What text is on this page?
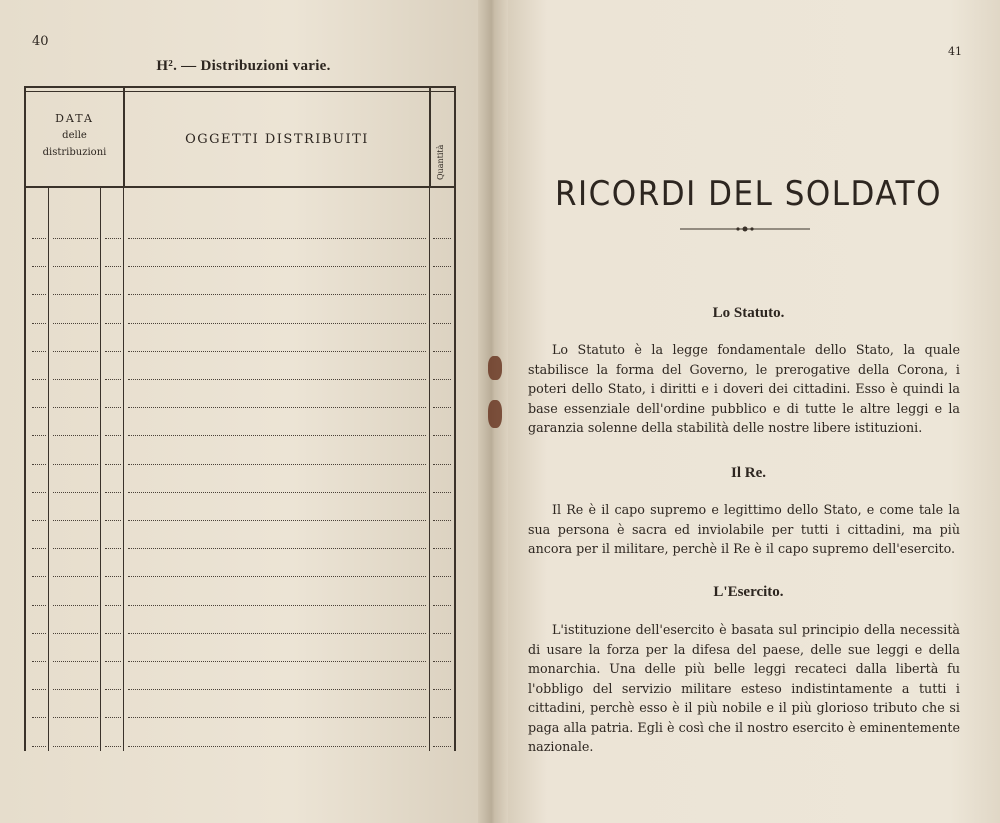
40
H². — Distribuzioni varie.
DATA
delle
distribuzioni
OGGETTI DISTRIBUITI
Quantità
41
RICORDI DEL SOLDATO
Lo Statuto.

Lo Statuto è la legge fondamentale dello Stato, la quale stabilisce la forma del Governo, le prerogative della Corona, i poteri dello Stato, i diritti e i doveri dei cittadini. Esso è quindi la base essenziale dell'ordine pubblico e di tutte le altre leggi e la garanzia solenne della stabilità delle nostre libere istituzioni.

Il Re.

Il Re è il capo supremo e legittimo dello Stato, e come tale la sua persona è sacra ed inviolabile per tutti i cittadini, ma più ancora per il militare, perchè il Re è il capo supremo dell'esercito.

L'Esercito.

L'istituzione dell'esercito è basata sul principio della necessità di usare la forza per la difesa del paese, delle sue leggi e della monarchia. Una delle più belle leggi recateci dalla libertà fu l'obbligo del servizio militare esteso indistintamente a tutti i cittadini, perchè esso è il più nobile e il più glorioso tributo che si paga alla patria. Egli è così che il nostro esercito è eminentemente nazionale.
